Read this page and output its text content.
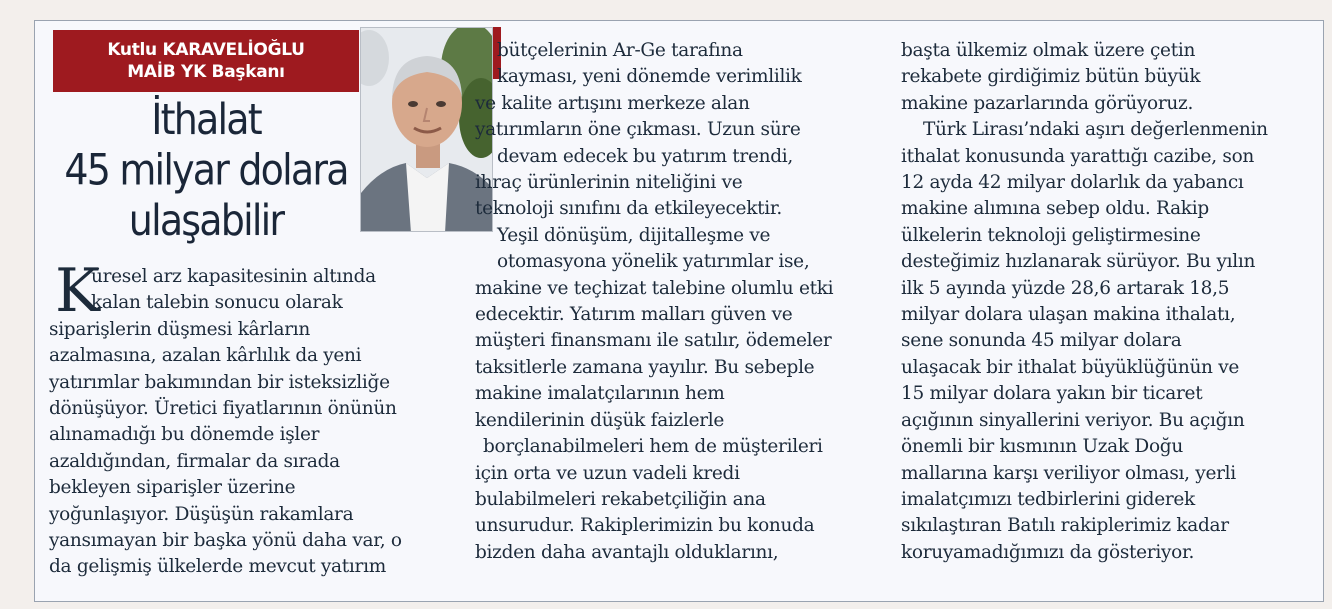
Kutlu KARAVELİOĞLU
MAİB YK Başkanı
İthalat
45 milyar dolara
ulaşabilir
K
üresel arz kapasitesinin altında
kalan talebin sonucu olarak
siparişlerin düşmesi kârların
azalmasına, azalan kârlılık da yeni
yatırımlar bakımından bir isteksizliğe
dönüşüyor. Üretici fiyatlarının önünün
alınamadığı bu dönemde işler
azaldığından, firmalar da sırada
bekleyen siparişler üzerine
yoğunlaşıyor. Düşüşün rakamlara
yansımayan bir başka yönü daha var, o
da gelişmiş ülkelerde mevcut yatırım
bütçelerinin Ar-Ge tarafına
kayması, yeni dönemde verimlilik
ve kalite artışını merkeze alan
yatırımların öne çıkması. Uzun süre
devam edecek bu yatırım trendi,
ihraç ürünlerinin niteliğini ve
teknoloji sınıfını da etkileyecektir.
Yeşil dönüşüm, dijitalleşme ve
otomasyona yönelik yatırımlar ise,
makine ve teçhizat talebine olumlu etki
edecektir. Yatırım malları güven ve
müşteri finansmanı ile satılır, ödemeler
taksitlerle zamana yayılır. Bu sebeple
makine imalatçılarının hem
kendilerinin düşük faizlerle
borçlanabilmeleri hem de müşterileri
için orta ve uzun vadeli kredi
bulabilmeleri rekabetçiliğin ana
unsurudur. Rakiplerimizin bu konuda
bizden daha avantajlı olduklarını,
başta ülkemiz olmak üzere çetin
rekabete girdiğimiz bütün büyük
makine pazarlarında görüyoruz.
Türk Lirası’ndaki aşırı değerlenmenin
ithalat konusunda yarattığı cazibe, son
12 ayda 42 milyar dolarlık da yabancı
makine alımına sebep oldu. Rakip
ülkelerin teknoloji geliştirmesine
desteğimiz hızlanarak sürüyor. Bu yılın
ilk 5 ayında yüzde 28,6 artarak 18,5
milyar dolara ulaşan makina ithalatı,
sene sonunda 45 milyar dolara
ulaşacak bir ithalat büyüklüğünün ve
15 milyar dolara yakın bir ticaret
açığının sinyallerini veriyor. Bu açığın
önemli bir kısmının Uzak Doğu
mallarına karşı veriliyor olması, yerli
imalatçımızı tedbirlerini giderek
sıkılaştıran Batılı rakiplerimiz kadar
koruyamadığımızı da gösteriyor.
